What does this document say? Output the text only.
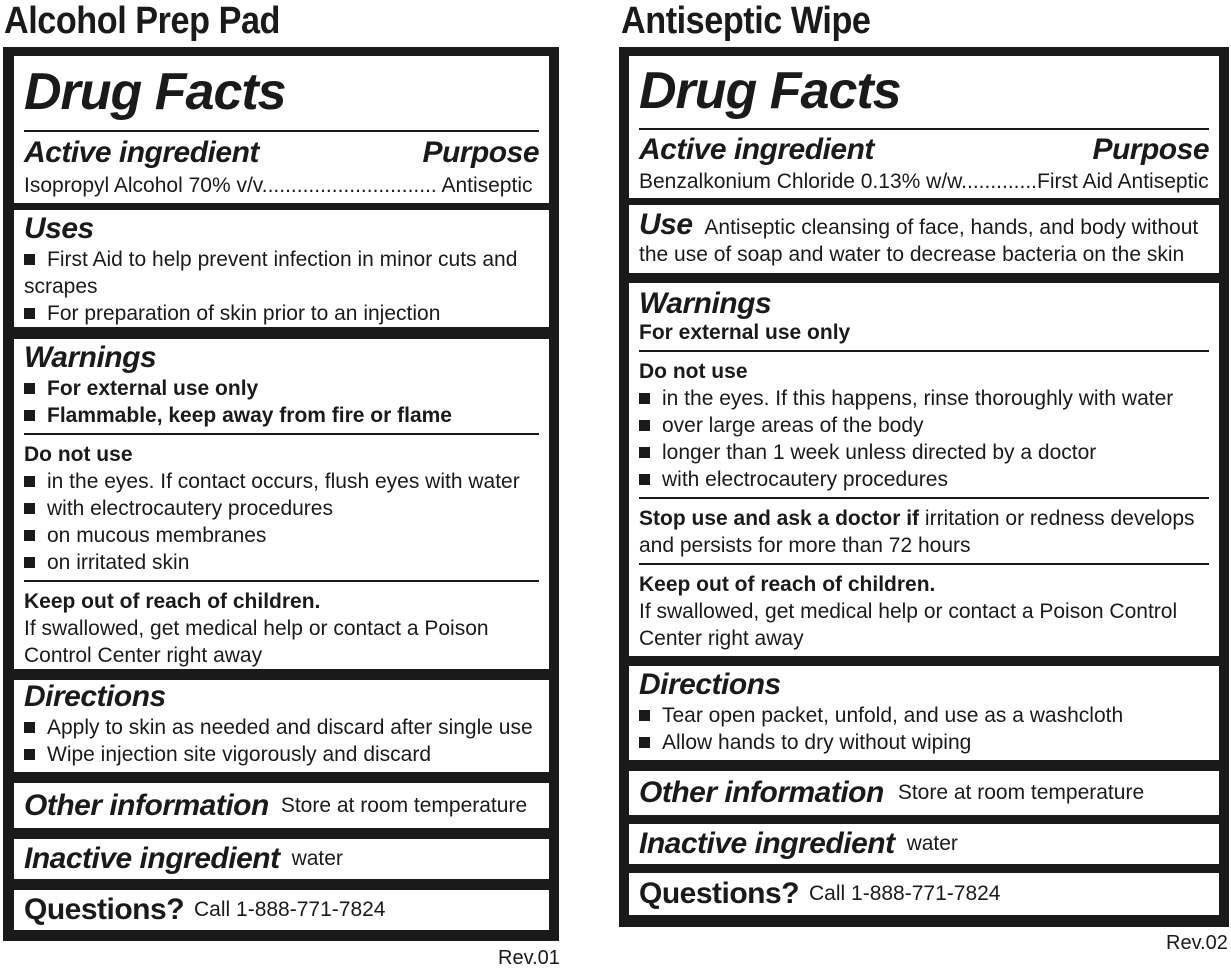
Alcohol Prep Pad
Drug Facts
Active ingredient	Purpose
Isopropyl Alcohol 70% v/v.............................. Antiseptic
Uses
First Aid to help prevent infection in minor cuts and scrapes
For preparation of skin prior to an injection
Warnings
For external use only
Flammable, keep away from fire or flame
Do not use
in the eyes. If contact occurs, flush eyes with water
with electrocautery procedures
on mucous membranes
on irritated skin
Keep out of reach of children.
If swallowed, get medical help or contact a Poison Control Center right away
Directions
Apply to skin as needed and discard after single use
Wipe injection site vigorously and discard
Other information Store at room temperature
Inactive ingredient water
Questions? Call 1-888-771-7824
Rev.01
Antiseptic Wipe
Drug Facts
Active ingredient	Purpose
Benzalkonium Chloride 0.13% w/w.............First Aid Antiseptic
Use Antiseptic cleansing of face, hands, and body without the use of soap and water to decrease bacteria on the skin
Warnings
For external use only
Do not use
in the eyes. If this happens, rinse thoroughly with water
over large areas of the body
longer than 1 week unless directed by a doctor
with electrocautery procedures
Stop use and ask a doctor if irritation or redness develops and persists for more than 72 hours
Keep out of reach of children.
If swallowed, get medical help or contact a Poison Control Center right away
Directions
Tear open packet, unfold, and use as a washcloth
Allow hands to dry without wiping
Other information Store at room temperature
Inactive ingredient water
Questions? Call 1-888-771-7824
Rev.02
